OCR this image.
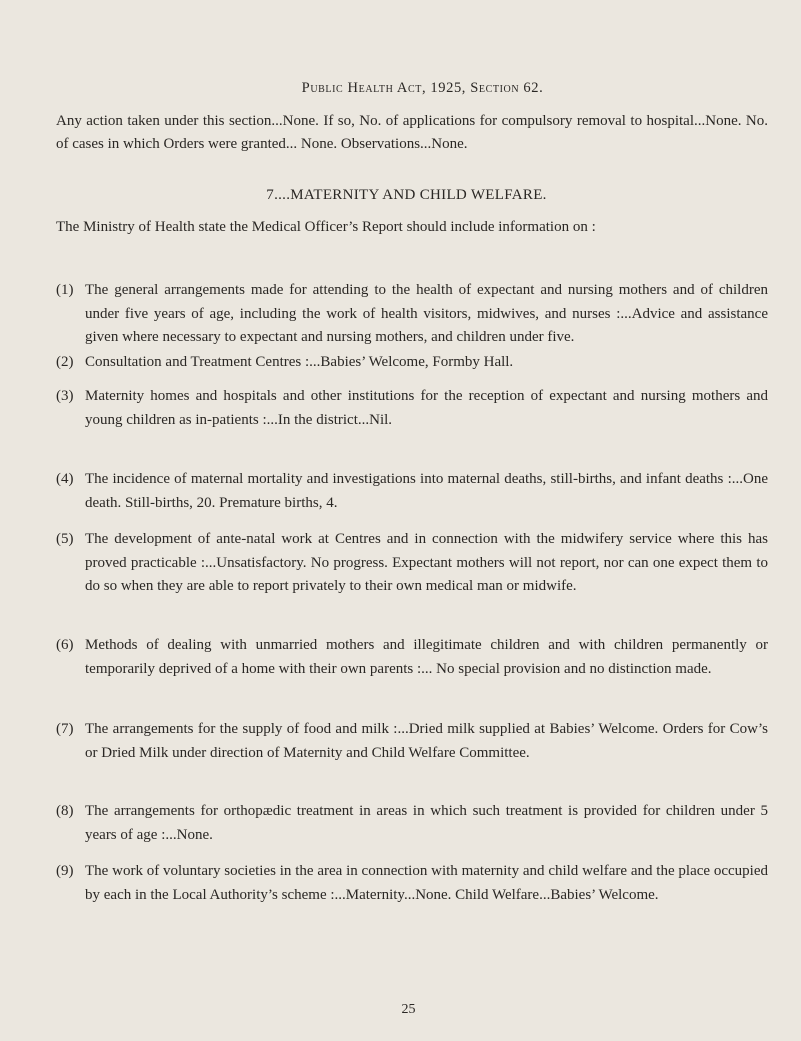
Public Health Act, 1925, Section 62.
Any action taken under this section...None. If so, No. of applications for compulsory removal to hospital...None. No. of cases in which Orders were granted... None. Observations...None.
7....MATERNITY AND CHILD WELFARE.
The Ministry of Health state the Medical Officer’s Report should include information on :
(1) The general arrangements made for attending to the health of expectant and nursing mothers and of children under five years of age, including the work of health visitors, midwives, and nurses :...Advice and assistance given where necessary to expectant and nursing mothers, and children under five.
(2) Consultation and Treatment Centres :...Babies’ Welcome, Formby Hall.
(3) Maternity homes and hospitals and other institutions for the reception of expectant and nursing mothers and young children as in-patients :...In the district...Nil.
(4) The incidence of maternal mortality and investigations into maternal deaths, still-births, and infant deaths :...One death. Still-births, 20. Premature births, 4.
(5) The development of ante-natal work at Centres and in connection with the midwifery service where this has proved practicable :...Unsatisfactory. No progress. Expectant mothers will not report, nor can one expect them to do so when they are able to report privately to their own medical man or midwife.
(6) Methods of dealing with unmarried mothers and illegitimate children and with children permanently or temporarily deprived of a home with their own parents :... No special provision and no distinction made.
(7) The arrangements for the supply of food and milk :...Dried milk supplied at Babies’ Welcome. Orders for Cow’s or Dried Milk under direction of Maternity and Child Welfare Committee.
(8) The arrangements for orthopædic treatment in areas in which such treatment is provided for children under 5 years of age :...None.
(9) The work of voluntary societies in the area in connection with maternity and child welfare and the place occupied by each in the Local Authority’s scheme :...Maternity...None. Child Welfare...Babies’ Welcome.
25
